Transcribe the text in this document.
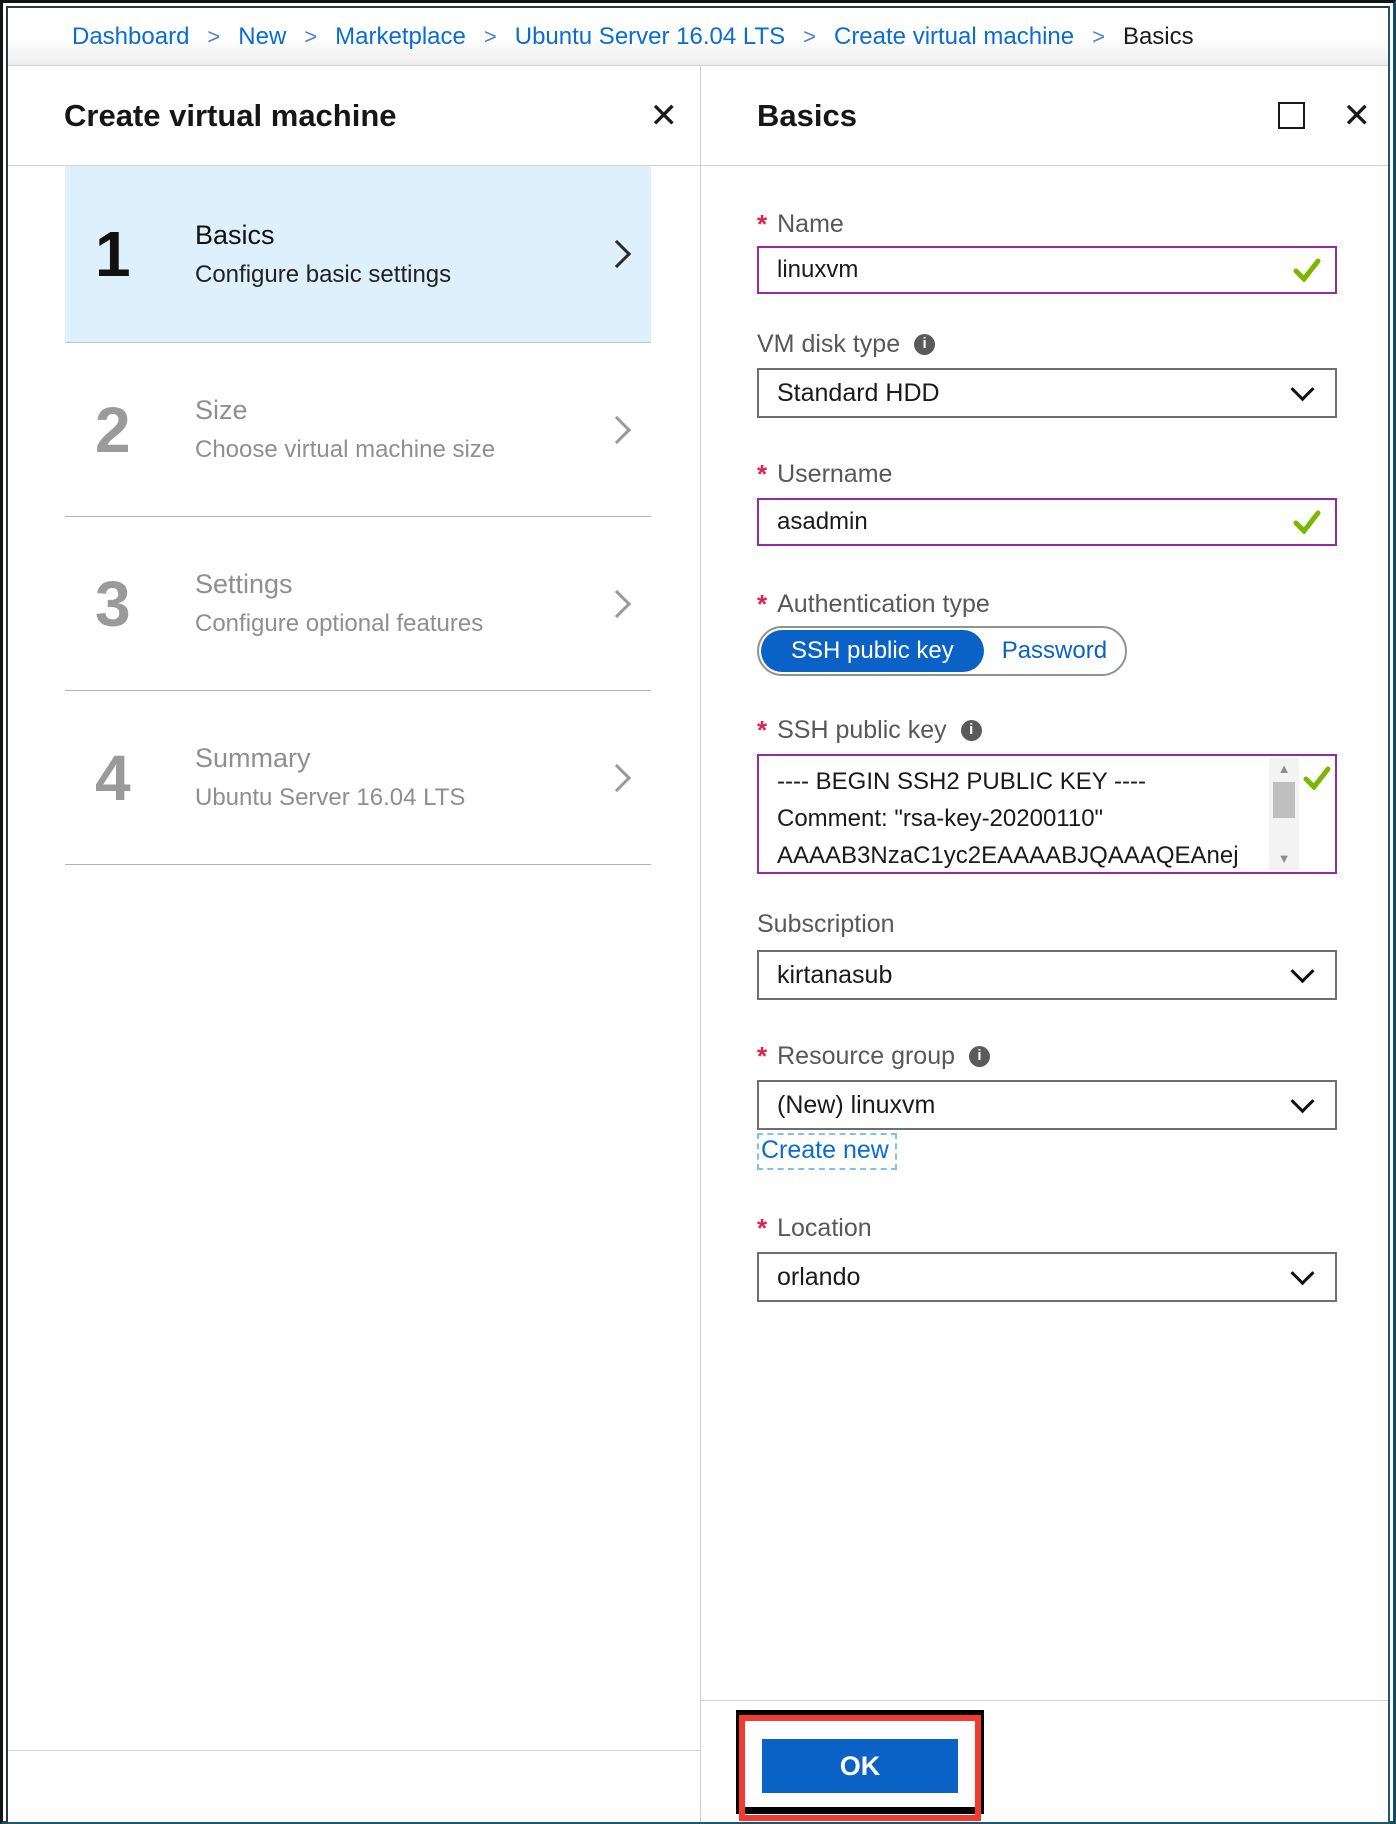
Dashboard > New > Marketplace > Ubuntu Server 16.04 LTS > Create virtual machine > Basics
Create virtual machine	✕
1	Basics
Configure basic settings
2	Size
Choose virtual machine size
3	Settings
Configure optional features
4	Summary
Ubuntu Server 16.04 LTS
Basics	✕
* Name
linuxvm
VM disk type	i
Standard HDD
* Username
asadmin
* Authentication type
SSH public key	Password
* SSH public key	i
---- BEGIN SSH2 PUBLIC KEY ----
Comment: "rsa-key-20200110"
AAAAB3NzaC1yc2EAAAABJQAAAQEAnej
▲
▼
Subscription
kirtanasub
* Resource group	i
(New) linuxvm
Create new
* Location
orlando
OK
